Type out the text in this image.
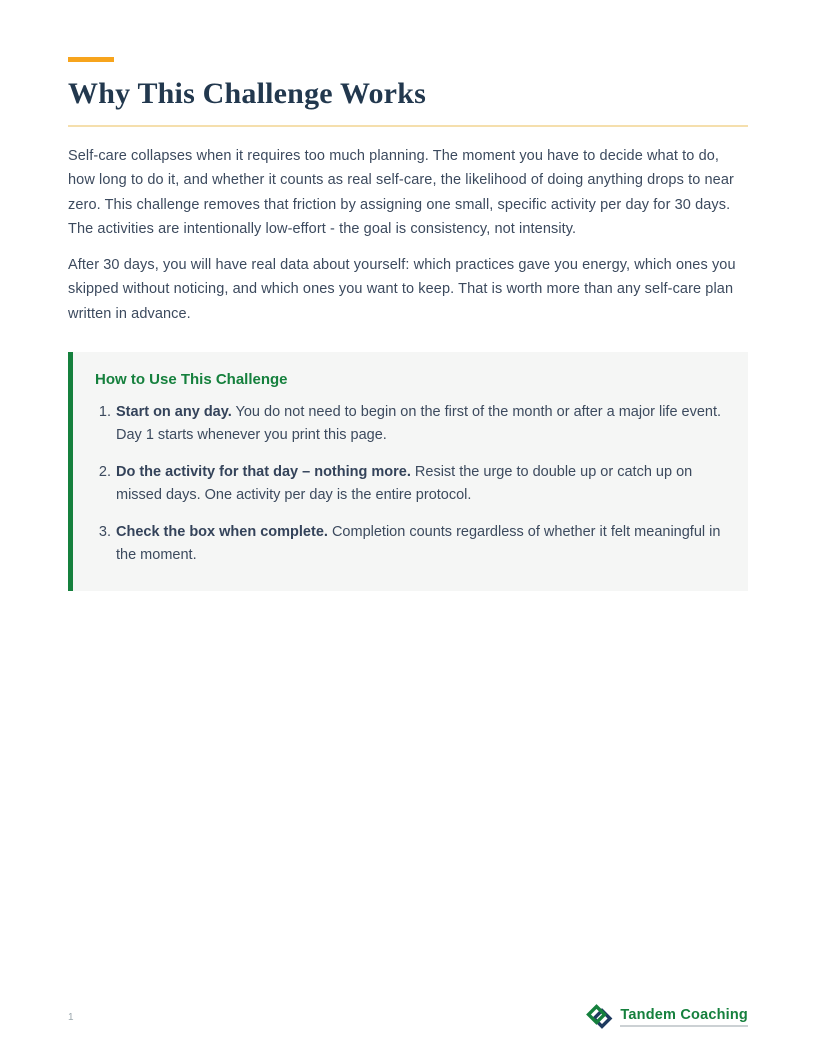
Why This Challenge Works

Self-care collapses when it requires too much planning. The moment you have to decide what to do, how long to do it, and whether it counts as real self-care, the likelihood of doing anything drops to near zero. This challenge removes that friction by assigning one small, specific activity per day for 30 days. The activities are intentionally low-effort - the goal is consistency, not intensity.

After 30 days, you will have real data about yourself: which practices gave you energy, which ones you skipped without noticing, and which ones you want to keep. That is worth more than any self-care plan written in advance.

How to Use This Challenge
1. Start on any day. You do not need to begin on the first of the month or after a major life event. Day 1 starts whenever you print this page.
2. Do the activity for that day – nothing more. Resist the urge to double up or catch up on missed days. One activity per day is the entire protocol.
3. Check the box when complete. Completion counts regardless of whether it felt meaningful in the moment.
1	Tandem Coaching
